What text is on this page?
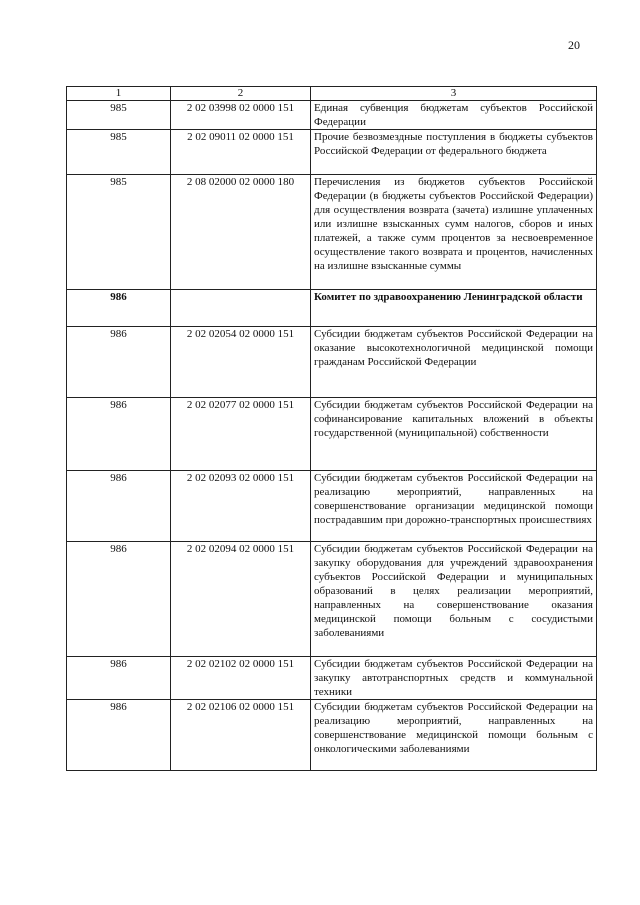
20
1	2	3
985	2 02 03998 02 0000 151	Единая субвенция бюджетам субъектов Российской Федерации
985	2 02 09011 02 0000 151	Прочие безвозмездные поступления в бюджеты субъектов Российской Федерации от федерального бюджета
985	2 08 02000 02 0000 180	Перечисления из бюджетов субъектов Российской Федерации (в бюджеты субъектов Российской Федерации) для осуществления возврата (зачета) излишне уплаченных или излишне взысканных сумм налогов, сборов и иных платежей, а также сумм процентов за несвоевременное осуществление такого возврата и процентов, начисленных на излишне взысканные суммы
986		Комитет по здравоохранению Ленинградской области
986	2 02 02054 02 0000 151	Субсидии бюджетам субъектов Российской Федерации на оказание высокотехнологичной медицинской помощи гражданам Российской Федерации
986	2 02 02077 02 0000 151	Субсидии бюджетам субъектов Российской Федерации на софинансирование капитальных вложений в объекты государственной (муниципальной) собственности
986	2 02 02093 02 0000 151	Субсидии бюджетам субъектов Российской Федерации на реализацию мероприятий, направленных на совершенствование организации медицинской помощи пострадавшим при дорожно-транспортных происшествиях
986	2 02 02094 02 0000 151	Субсидии бюджетам субъектов Российской Федерации на закупку оборудования для учреждений здравоохранения субъектов Российской Федерации и муниципальных образований в целях реализации мероприятий, направленных на совершенствование оказания медицинской помощи больным с сосудистыми заболеваниями
986	2 02 02102 02 0000 151	Субсидии бюджетам субъектов Российской Федерации на закупку автотранспортных средств и коммунальной техники
986	2 02 02106 02 0000 151	Субсидии бюджетам субъектов Российской Федерации на реализацию мероприятий, направленных на совершенствование медицинской помощи больным с онкологическими заболеваниями
